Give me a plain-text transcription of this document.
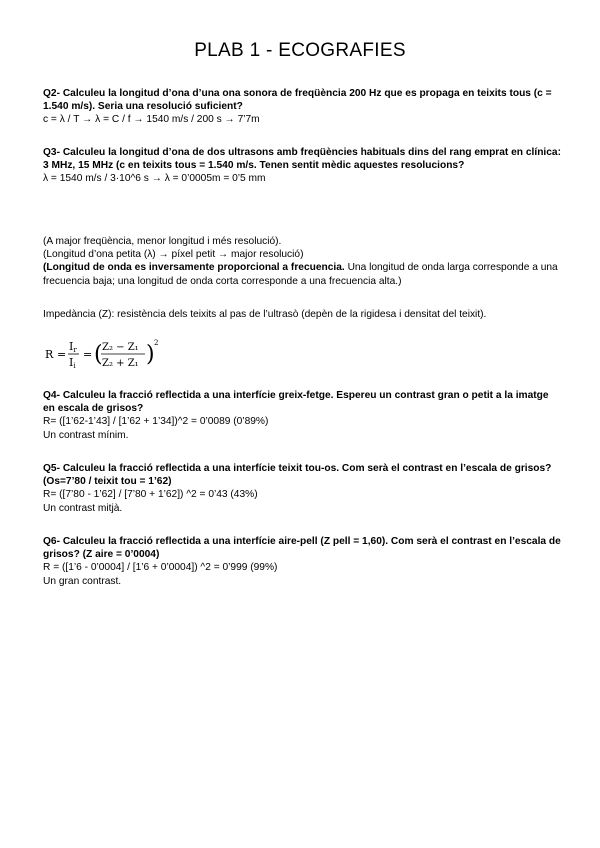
PLAB 1 - ECOGRAFIES
Q2- Calculeu la longitud d’ona d’una ona sonora de freqüència 200 Hz que es propaga en teixits tous (c = 1.540 m/s). Seria una resolució suficient?
c = λ / T → λ = C / f → 1540 m/s / 200 s → 7’7m
Q3- Calculeu la longitud d’ona de dos ultrasons amb freqüències habituals dins del rang emprat en clínica: 3 MHz, 15 MHz (c en teixits tous = 1.540 m/s. Tenen sentit mèdic aquestes resolucions?
λ = 1540 m/s / 3·10^6 s → λ = 0’0005m = 0’5 mm
(A major freqüència, menor longitud i més resolució).
(Longitud d’ona petita (λ) → píxel petit → major resolució)
(Longitud de onda es inversamente proporcional a frecuencia. Una longitud de onda larga corresponde a una frecuencia baja; una longitud de onda corta corresponde a una frecuencia alta.)
Impedància (Z): resistència dels teixits al pas de l’ultrasò (depèn de la rigidesa i densitat del teixit).
R =
Ir
Ii
= ( Z₂ − Z₁
Z₂ + Z₁ ) 2
Q4- Calculeu la fracció reflectida a una interfície greix-fetge. Espereu un contrast gran o petit a la imatge en escala de grisos?
R= ([1’62-1’43] / [1’62 + 1’34])^2 = 0’0089 (0’89%)
Un contrast mínim.
Q5- Calculeu la fracció reflectida a una interfície teixit tou-os. Com serà el contrast en l’escala de grisos? (Os=7’80 / teixit tou = 1’62)
R= ([7’80 - 1’62] / [7’80 + 1’62]) ^2 = 0’43 (43%)
Un contrast mitjà.
Q6- Calculeu la fracció reflectida a una interfície aire-pell (Z pell = 1,60). Com serà el contrast en l’escala de grisos? (Z aire = 0’0004)
R = ([1’6 - 0’0004] / [1’6 + 0’0004]) ^2 = 0’999 (99%)
Un gran contrast.
